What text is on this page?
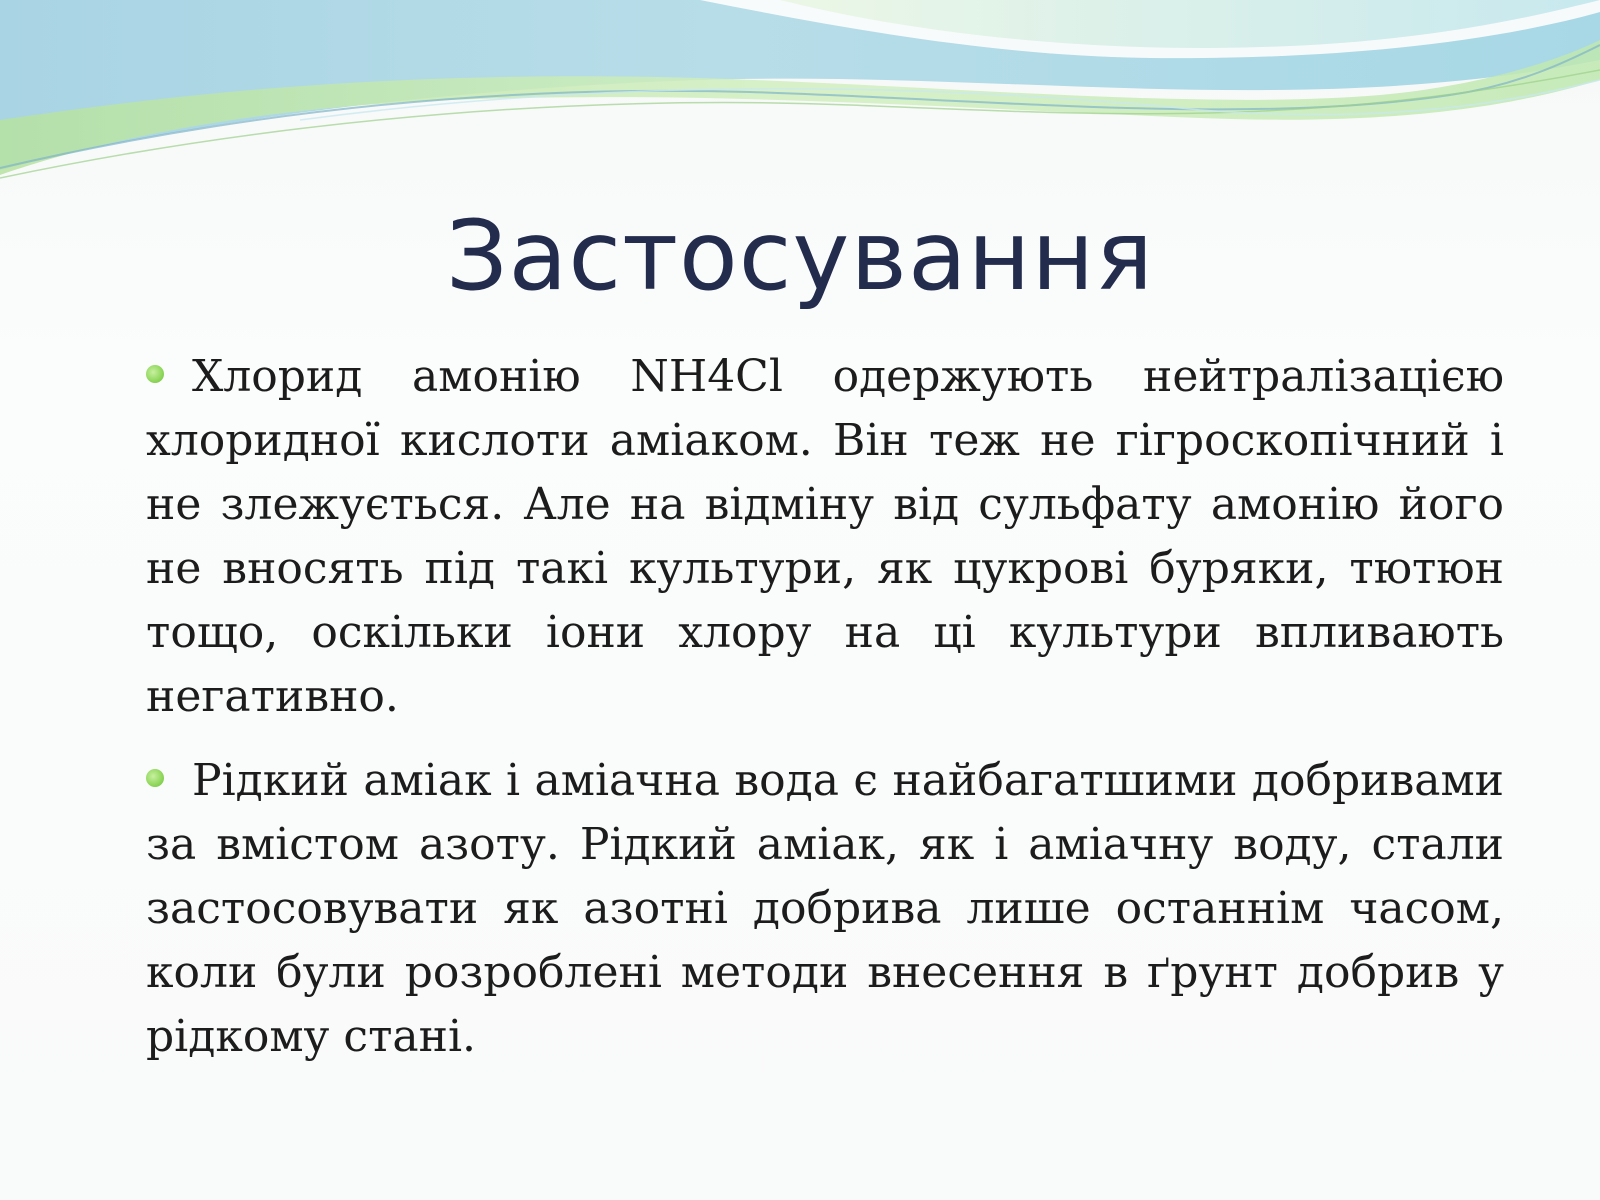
Застосування
Хлорид амонію NH4Cl одержують нейтралізацією хлоридної кислоти аміаком. Він теж не гігроскопічний і не злежується. Але на відміну від сульфату амонію його не вносять під такі культури, як цукрові буряки, тютюн тощо, оскільки іони хлору на ці культури впливають негативно.
Рідкий аміак і аміачна вода є найбагатшими добривами за вмістом азоту. Рідкий аміак, як і аміачну воду, стали застосовувати як азотні добрива лише останнім часом, коли були розроблені методи внесення в ґрунт добрив у рідкому стані.
